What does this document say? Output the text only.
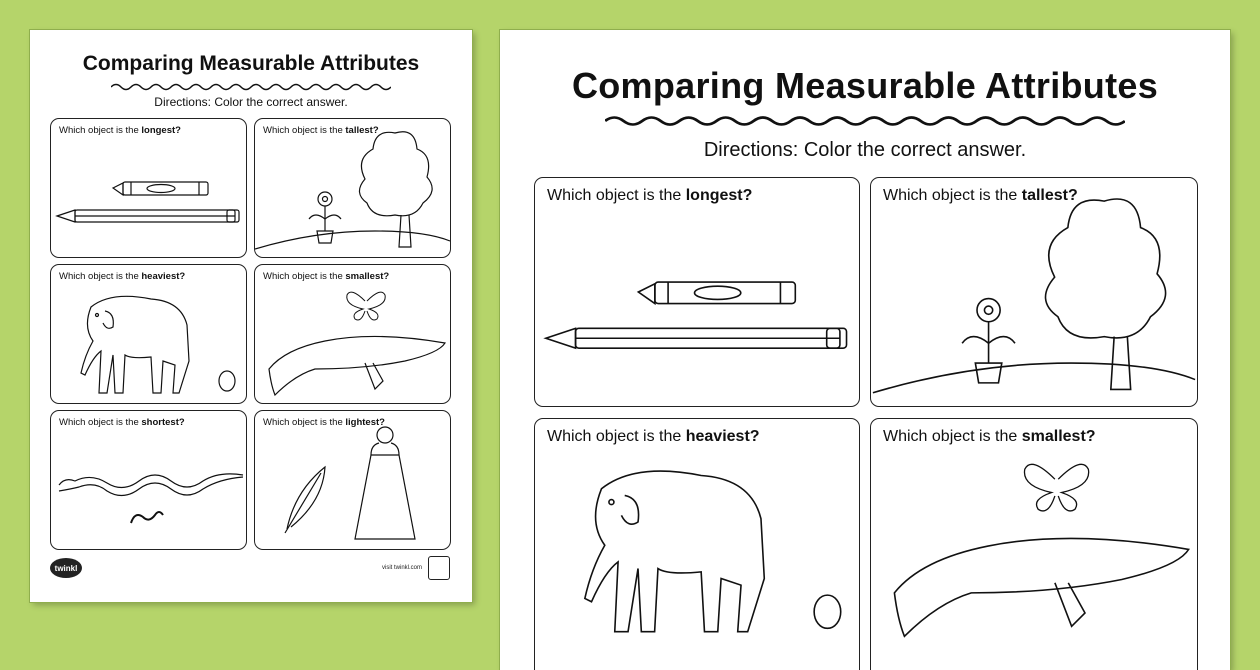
Comparing Measurable Attributes
Directions: Color the correct answer.
Which object is the longest?	Which object is the tallest?
Which object is the heaviest?	Which object is the smallest?
Which object is the shortest?	Which object is the lightest?
twinkl	visit twinkl.com
Comparing Measurable Attributes
Directions: Color the correct answer.
Which object is the longest?	Which object is the tallest?
Which object is the heaviest?	Which object is the smallest?
